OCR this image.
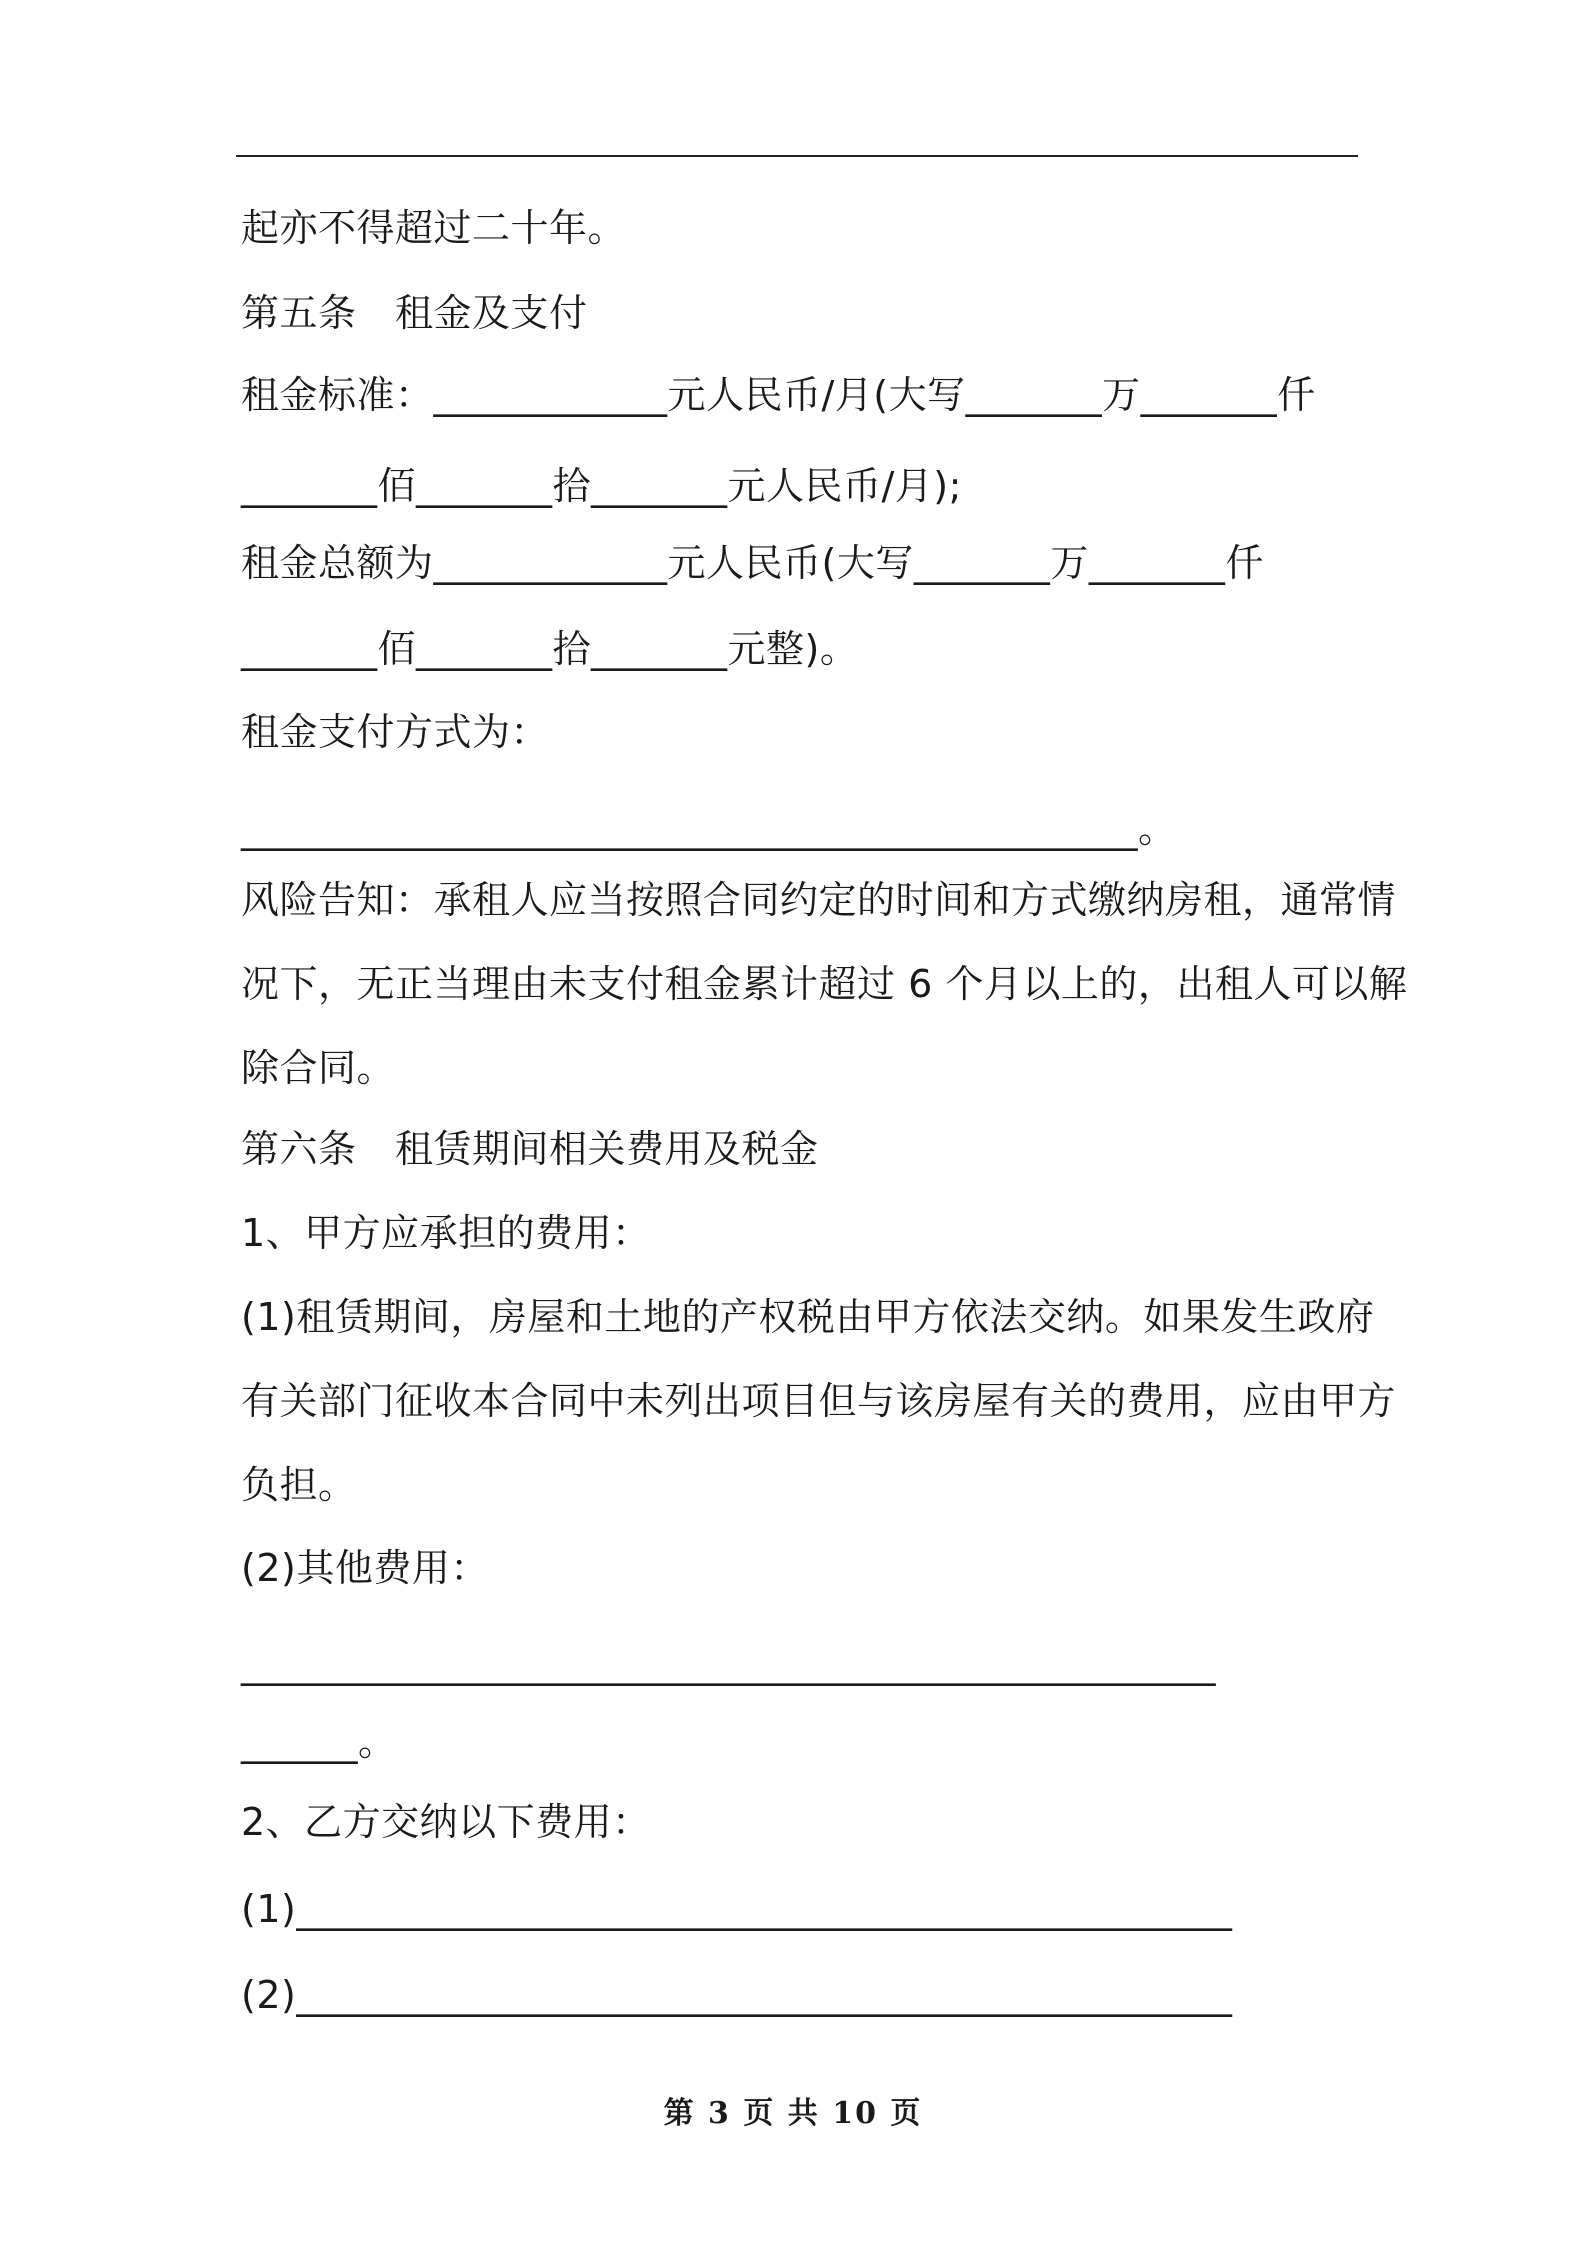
起亦不得超过二十年。
第五条　租金及支付
租金标准：____________元人民币/月(大写_______万_______仟
_______佰_______拾_______元人民币/月);
租金总额为____________元人民币(大写_______万_______仟
_______佰_______拾_______元整)。
租金支付方式为：
______________________________________________。
风险告知：承租人应当按照合同约定的时间和方式缴纳房租，通常情
况下，无正当理由未支付租金累计超过 6 个月以上的，出租人可以解
除合同。
第六条　租赁期间相关费用及税金
1、甲方应承担的费用：
(1)租赁期间，房屋和土地的产权税由甲方依法交纳。如果发生政府
有关部门征收本合同中未列出项目但与该房屋有关的费用，应由甲方
负担。
(2)其他费用：
__________________________________________________
______。
2、乙方交纳以下费用：
(1)________________________________________________
(2)________________________________________________
第 3 页 共 10 页
